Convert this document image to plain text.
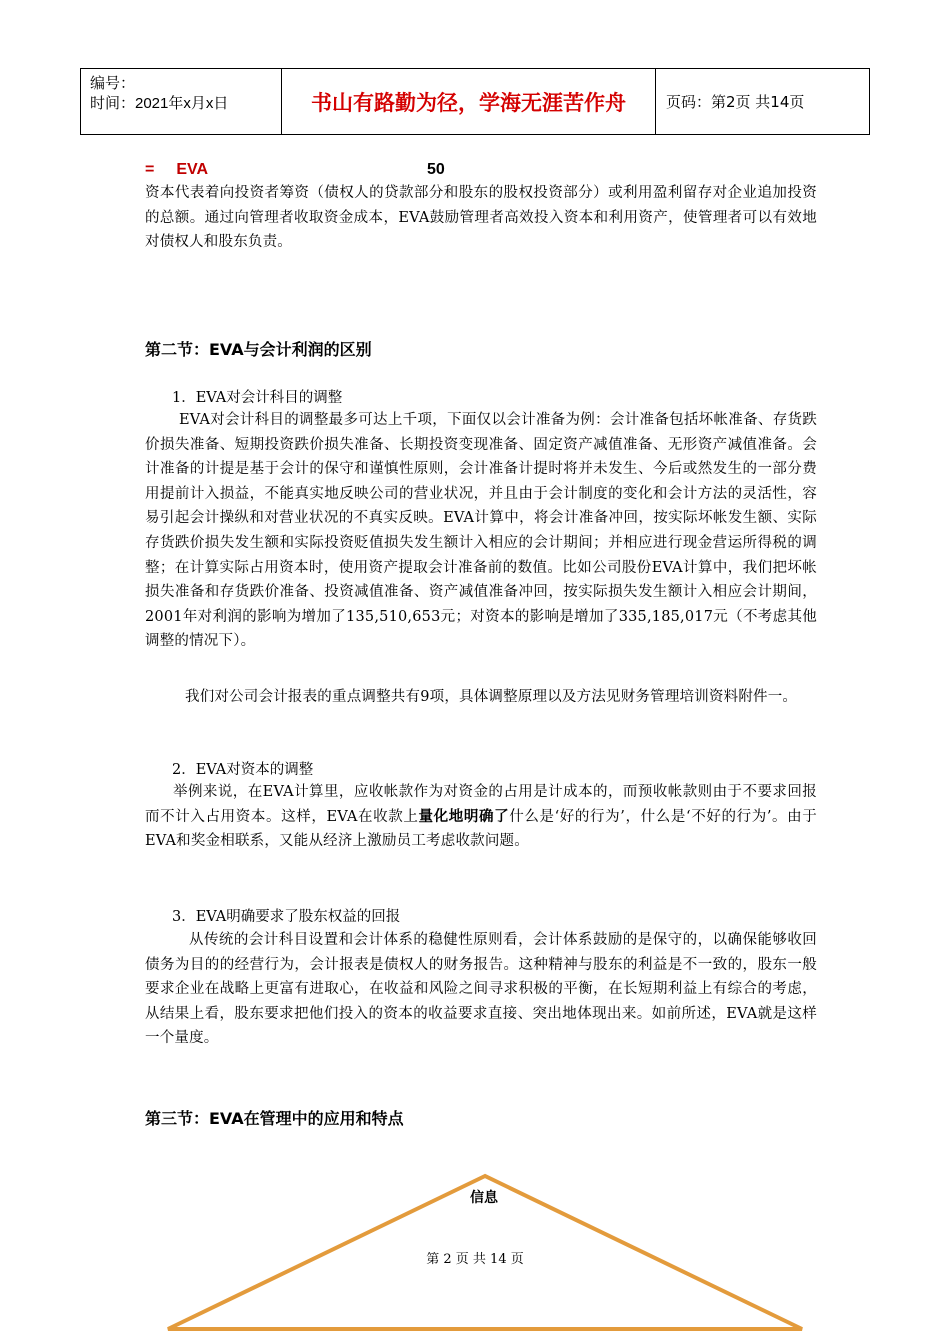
编号：
时间：2021年x月x日	书山有路勤为径，学海无涯苦作舟	页码：第2页 共14页
= EVA	50
资本代表着向投资者筹资（债权人的贷款部分和股东的股权投资部分）或利用盈利留存对企业追加投资的总额。通过向管理者收取资金成本，EVA鼓励管理者高效投入资本和利用资产，使管理者可以有效地对债权人和股东负责。
第二节：EVA与会计利润的区别
1．EVA对会计科目的调整
EVA对会计科目的调整最多可达上千项，下面仅以会计准备为例：会计准备包括坏帐准备、存货跌价损失准备、短期投资跌价损失准备、长期投资变现准备、固定资产减值准备、无形资产减值准备。会计准备的计提是基于会计的保守和谨慎性原则，会计准备计提时将并未发生、今后或然发生的一部分费用提前计入损益，不能真实地反映公司的营业状况，并且由于会计制度的变化和会计方法的灵活性，容易引起会计操纵和对营业状况的不真实反映。EVA计算中，将会计准备冲回，按实际坏帐发生额、实际存货跌价损失发生额和实际投资贬值损失发生额计入相应的会计期间；并相应进行现金营运所得税的调整；在计算实际占用资本时，使用资产提取会计准备前的数值。比如公司股份EVA计算中，我们把坏帐损失准备和存货跌价准备、投资减值准备、资产减值准备冲回，按实际损失发生额计入相应会计期间，2001年对利润的影响为增加了135,510,653元；对资本的影响是增加了335,185,017元（不考虑其他调整的情况下）。
我们对公司会计报表的重点调整共有9项，具体调整原理以及方法见财务管理培训资料附件一。
2．EVA对资本的调整
举例来说，在EVA计算里，应收帐款作为对资金的占用是计成本的，而预收帐款则由于不要求回报而不计入占用资本。这样，EVA在收款上量化地明确了什么是‘好的行为’，什么是‘不好的行为’。由于EVA和奖金相联系，又能从经济上激励员工考虑收款问题。
3．EVA明确要求了股东权益的回报
从传统的会计科目设置和会计体系的稳健性原则看，会计体系鼓励的是保守的，以确保能够收回债务为目的的经营行为，会计报表是债权人的财务报告。这种精神与股东的利益是不一致的，股东一般要求企业在战略上更富有进取心，在收益和风险之间寻求积极的平衡，在长短期利益上有综合的考虑，从结果上看，股东要求把他们投入的资本的收益要求直接、突出地体现出来。如前所述，EVA就是这样一个量度。
第三节：EVA在管理中的应用和特点
信息
第 2 页 共 14 页
